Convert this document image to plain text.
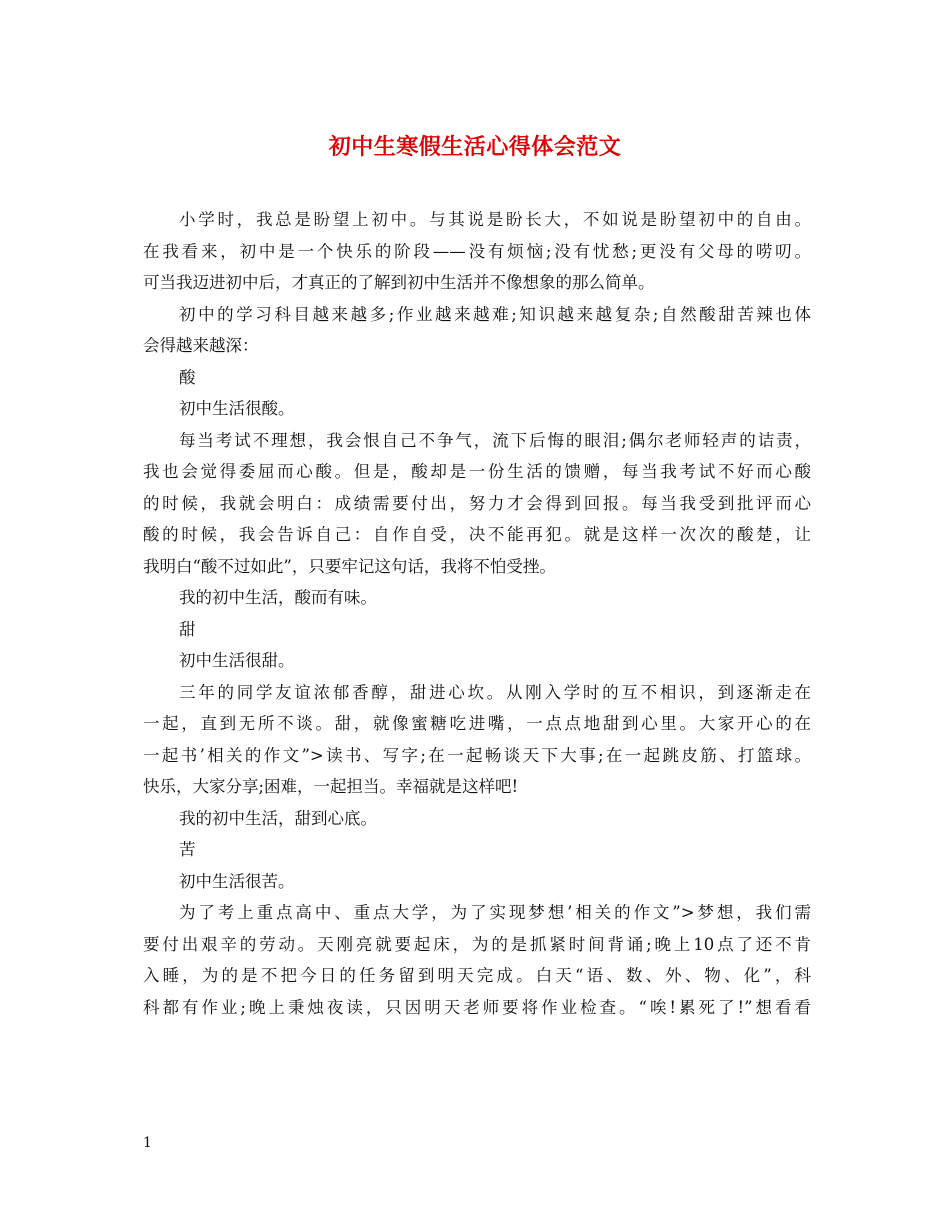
初中生寒假生活心得体会范文
小学时，我总是盼望上初中。与其说是盼长大，不如说是盼望初中的自由。
在我看来，初中是一个快乐的阶段——没有烦恼;没有忧愁;更没有父母的唠叨。
可当我迈进初中后，才真正的了解到初中生活并不像想象的那么简单。
初中的学习科目越来越多;作业越来越难;知识越来越复杂;自然酸甜苦辣也体
会得越来越深：
酸
初中生活很酸。
每当考试不理想，我会恨自己不争气，流下后悔的眼泪;偶尔老师轻声的诘责，
我也会觉得委屈而心酸。但是，酸却是一份生活的馈赠，每当我考试不好而心酸
的时候，我就会明白：成绩需要付出，努力才会得到回报。每当我受到批评而心
酸的时候，我会告诉自己：自作自受，决不能再犯。就是这样一次次的酸楚，让
我明白“酸不过如此”，只要牢记这句话，我将不怕受挫。
我的初中生活，酸而有味。
甜
初中生活很甜。
三年的同学友谊浓郁香醇，甜进心坎。从刚入学时的互不相识，到逐渐走在
一起，直到无所不谈。甜，就像蜜糖吃进嘴，一点点地甜到心里。大家开心的在
一起书’相关的作文”>读书、写字;在一起畅谈天下大事;在一起跳皮筋、打篮球。
快乐，大家分享;困难，一起担当。幸福就是这样吧!
我的初中生活，甜到心底。
苦
初中生活很苦。
为了考上重点高中、重点大学，为了实现梦想’相关的作文”>梦想，我们需
要付出艰辛的劳动。天刚亮就要起床，为的是抓紧时间背诵;晚上10点了还不肯
入睡，为的是不把今日的任务留到明天完成。白天“语、数、外、物、化”，科
科都有作业;晚上秉烛夜读，只因明天老师要将作业检查。“唉!累死了!”想看看
1
